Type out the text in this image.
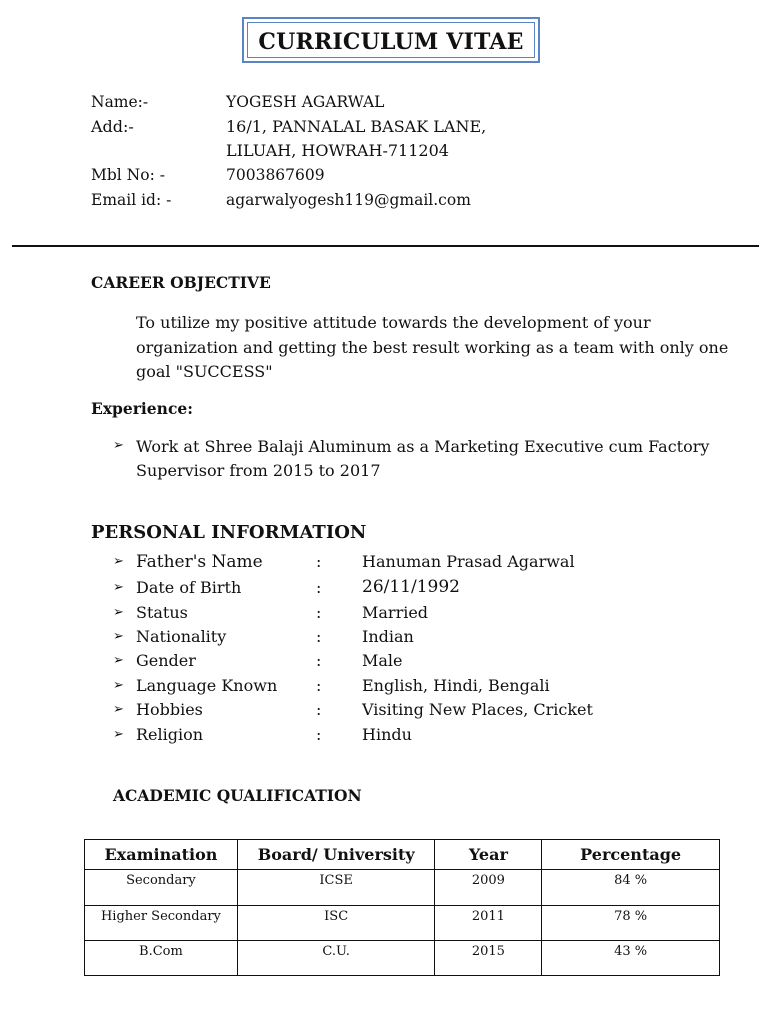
CURRICULUM VITAE
Name:-	YOGESH AGARWAL
Add:-	16/1, PANNALAL BASAK LANE,
LILUAH, HOWRAH-711204
Mbl No: -	7003867609
Email id: -	agarwalyogesh119@gmail.com
CAREER OBJECTIVE
To utilize my positive attitude towards the development of your
organization and getting the best result working as a team with only one
goal "SUCCESS"
Experience:
➢ Work at Shree Balaji Aluminum as a Marketing Executive cum Factory
Supervisor from 2015 to 2017
PERSONAL INFORMATION
➢ Father's Name	:	Hanuman Prasad Agarwal
➢ Date of Birth	: 26/11/1992
➢ Status	:	Married
➢ Nationality	:	Indian
➢ Gender	:	Male
➢ Language Known :	English, Hindi, Bengali
➢ Hobbies	:	Visiting New Places, Cricket
➢ Religion	:	Hindu
ACADEMIC QUALIFICATION
Examination	Board/ University	Year	Percentage
Secondary	ICSE	2009	84 %
Higher Secondary	ISC	2011	78 %
B.Com	C.U.	2015	43 %
